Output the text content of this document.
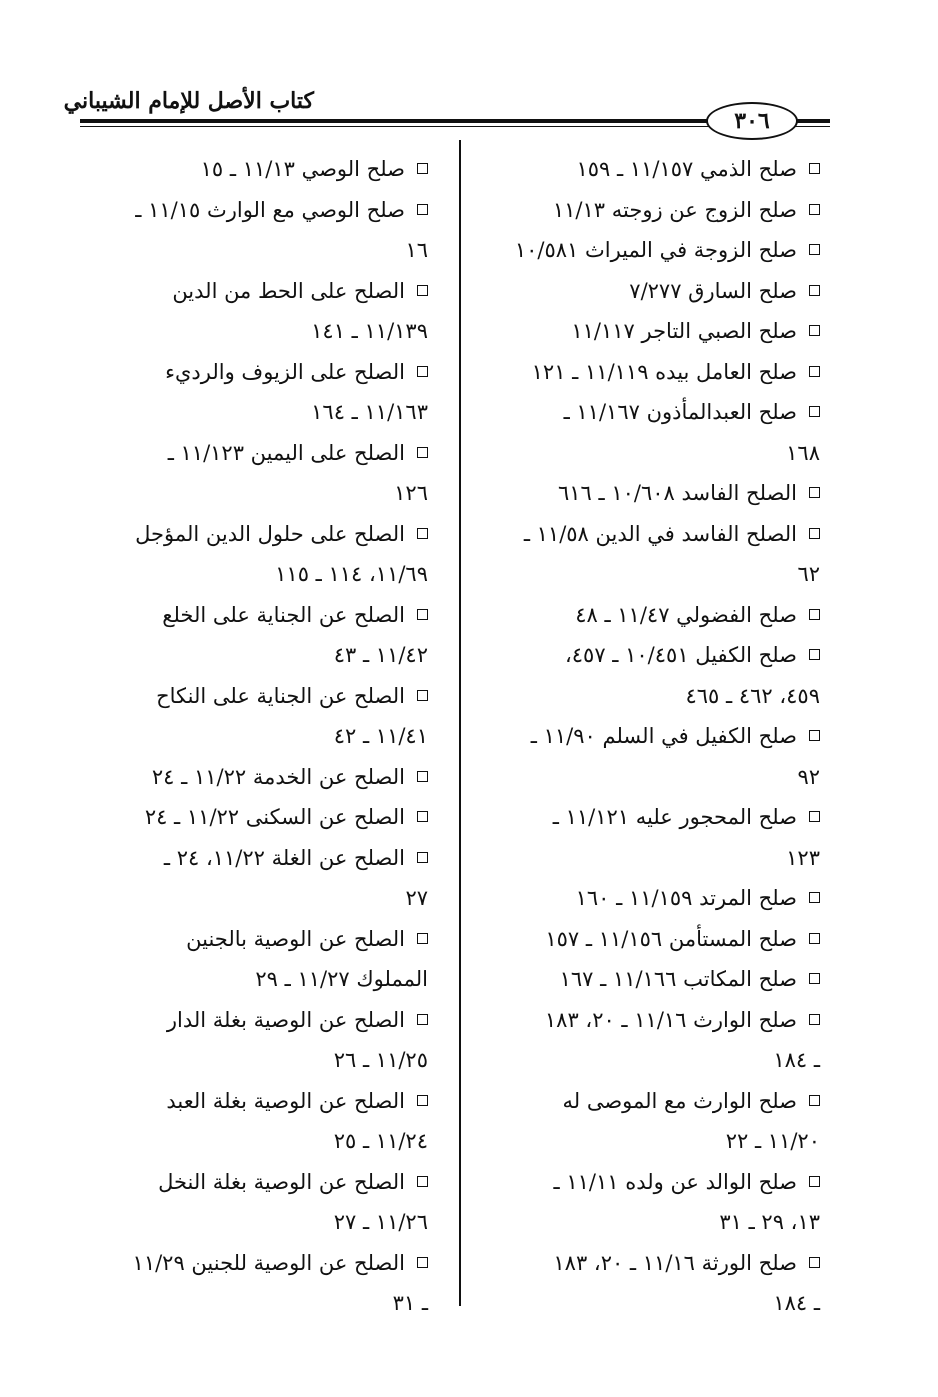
كتاب الأصل للإمام الشيباني
٣٠٦

صلح الذمي ١١/١٥٧ ـ ١٥٩

صلح الزوج عن زوجته ١١/١٣

صلح الزوجة في الميراث ١٠/٥٨١

صلح السارق ٧/٢٧٧

صلح الصبي التاجر ١١/١١٧

صلح العامل بيده ١١/١١٩ ـ ١٢١

صلح العبدالمأذون ١١/١٦٧ ـ
١٦٨

الصلح الفاسد ١٠/٦٠٨ ـ ٦١٦

الصلح الفاسد في الدين ١١/٥٨ ـ
٦٢

صلح الفضولي ١١/٤٧ ـ ٤٨

صلح الكفيل ١٠/٤٥١ ـ ٤٥٧،
٤٥٩، ٤٦٢ ـ ٤٦٥

صلح الكفيل في السلم ١١/٩٠ ـ
٩٢

صلح المحجور عليه ١١/١٢١ ـ
١٢٣

صلح المرتد ١١/١٥٩ ـ ١٦٠

صلح المستأمن ١١/١٥٦ ـ ١٥٧

صلح المكاتب ١١/١٦٦ ـ ١٦٧

صلح الوارث ١١/١٦ ـ ٢٠، ١٨٣
ـ ١٨٤

صلح الوارث مع الموصى له
١١/٢٠ ـ ٢٢

صلح الوالد عن ولده ١١/١١ ـ
١٣، ٢٩ ـ ٣١

صلح الورثة ١١/١٦ ـ ٢٠، ١٨٣
ـ ١٨٤

صلح الوصي ١١/١٣ ـ ١٥

صلح الوصي مع الوارث ١١/١٥ ـ
١٦

الصلح على الحط من الدين
١١/١٣٩ ـ ١٤١

الصلح على الزيوف والرديء
١١/١٦٣ ـ ١٦٤

الصلح على اليمين ١١/١٢٣ ـ
١٢٦

الصلح على حلول الدين المؤجل
١١/٦٩، ١١٤ ـ ١١٥

الصلح عن الجناية على الخلع
١١/٤٢ ـ ٤٣

الصلح عن الجناية على النكاح
١١/٤١ ـ ٤٢

الصلح عن الخدمة ١١/٢٢ ـ ٢٤

الصلح عن السكنى ١١/٢٢ ـ ٢٤

الصلح عن الغلة ١١/٢٢، ٢٤ ـ
٢٧

الصلح عن الوصية بالجنين
المملوك ١١/٢٧ ـ ٢٩

الصلح عن الوصية بغلة الدار
١١/٢٥ ـ ٢٦

الصلح عن الوصية بغلة العبد
١١/٢٤ ـ ٢٥

الصلح عن الوصية بغلة النخل
١١/٢٦ ـ ٢٧

الصلح عن الوصية للجنين ١١/٢٩
ـ ٣١
